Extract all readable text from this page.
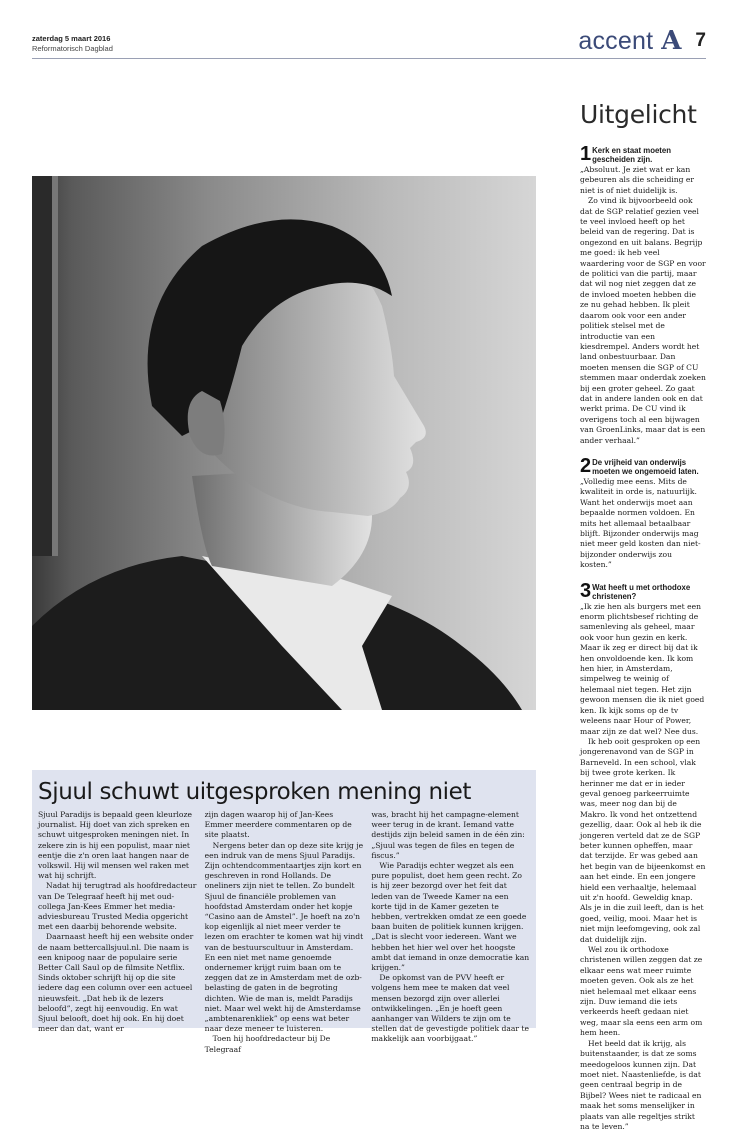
zaterdag 5 maart 2016
Reformatorisch Dagblad	accent A 7
Uitgelicht
1 Kerk en staat moeten gescheiden zijn.

„Absoluut. Je ziet wat er kan gebeuren als die scheiding er niet is of niet duidelijk is.

Zo vind ik bijvoorbeeld ook dat de SGP relatief gezien veel te veel invloed heeft op het beleid van de regering. Dat is ongezond en uit balans. Begrijp me goed: ik heb veel waardering voor de SGP en voor de politici van die partij, maar dat wil nog niet zeggen dat ze de invloed moeten hebben die ze nu gehad hebben. Ik pleit daarom ook voor een ander politiek stelsel met de introductie van een kiesdrempel. Anders wordt het land onbestuurbaar. Dan moeten mensen die SGP of CU stemmen maar onderdak zoeken bij een groter geheel. Zo gaat dat in andere landen ook en dat werkt prima. De CU vind ik overigens toch al een bijwagen van GroenLinks, maar dat is een ander verhaal.”

2 De vrijheid van onderwijs moeten we ongemoeid laten.

„Volledig mee eens. Mits de kwaliteit in orde is, natuurlijk. Want het onderwijs moet aan bepaalde normen voldoen. En mits het allemaal betaalbaar blijft. Bijzonder onderwijs mag niet meer geld kosten dan niet-bijzonder onderwijs zou kosten.”

3 Wat heeft u met orthodoxe christenen?

„Ik zie hen als burgers met een enorm plichtsbesef richting de samenleving als geheel, maar ook voor hun gezin en kerk. Maar ik zeg er direct bij dat ik hen onvoldoende ken. Ik kom hen hier, in Amsterdam, simpelweg te weinig of helemaal niet tegen. Het zijn gewoon mensen die ik niet goed ken. Ik kijk soms op de tv weleens naar Hour of Power, maar zijn ze dat wel? Nee dus.

Ik heb ooit gesproken op een jongerenavond van de SGP in Barneveld. In een school, vlak bij twee grote kerken. Ik herinner me dat er in ieder geval genoeg parkeerruimte was, meer nog dan bij de Makro. Ik vond het ontzettend gezellig, daar. Ook al heb ik die jongeren verteld dat ze de SGP beter kunnen opheffen, maar dat terzijde. Er was gebed aan het begin van de bijeenkomst en aan het einde. En een jongere hield een verhaaltje, helemaal uit z'n hoofd. Geweldig knap. Als je in die zuil leeft, dan is het goed, veilig, mooi. Maar het is niet mijn leefomgeving, ook zal dat duidelijk zijn.

Wel zou ik orthodoxe christenen willen zeggen dat ze elkaar eens wat meer ruimte moeten geven. Ook als ze het niet helemaal met elkaar eens zijn. Duw iemand die iets verkeerds heeft gedaan niet weg, maar sla eens een arm om hem heen.

Het beeld dat ik krijg, als buitenstaander, is dat ze soms meedogeloos kunnen zijn. Dat moet niet. Naastenliefde, is dat geen centraal begrip in de Bijbel? Wees niet te radicaal en maak het soms menselijker in plaats van alle regeltjes strikt na te leven.”

Sjuul schuwt uitgesproken mening niet

Sjuul Paradijs is bepaald geen kleurloze journalist. Hij doet van zich spreken en schuwt uitgesproken meningen niet. In zekere zin is hij een populist, maar niet eentje die z'n oren laat hangen naar de volkswil. Hij wil mensen wel raken met wat hij schrijft.

Nadat hij terugtrad als hoofdredacteur van De Telegraaf heeft hij met oud-collega Jan-Kees Emmer het media-adviesbureau Trusted Media opgericht met een daarbij behorende website.

Daarnaast heeft hij een website onder de naam bettercallsjuul.nl. Die naam is een knipoog naar de populaire serie Better Call Saul op de filmsite Netflix. Sinds oktober schrijft hij op die site iedere dag een column over een actueel nieuwsfeit. „Dat heb ik de lezers beloofd”, zegt hij eenvoudig. En wat Sjuul belooft, doet hij ook. En hij doet meer dan dat, want er

zijn dagen waarop hij of Jan-Kees Emmer meerdere commentaren op de site plaatst.

Nergens beter dan op deze site krijg je een indruk van de mens Sjuul Paradijs. Zijn ochtendcommentaartjes zijn kort en geschreven in rond Hollands. De oneliners zijn niet te tellen. Zo bundelt Sjuul de financiële problemen van hoofdstad Amsterdam onder het kopje “Casino aan de Amstel”. Je hoeft na zo'n kop eigenlijk al niet meer verder te lezen om erachter te komen wat hij vindt van de bestuurscultuur in Amsterdam. En een niet met name genoemde ondernemer krijgt ruim baan om te zeggen dat ze in Amsterdam met de ozb-belasting de gaten in de begroting dichten. Wie de man is, meldt Paradijs niet. Maar wel wekt hij de Amsterdamse „ambtenarenkliek” op eens wat beter naar deze meneer te luisteren.

Toen hij hoofdredacteur bij De Telegraaf

was, bracht hij het campagne-element weer terug in de krant. Iemand vatte destijds zijn beleid samen in de één zin: „Sjuul was tegen de files en tegen de fiscus.”

Wie Paradijs echter wegzet als een pure populist, doet hem geen recht. Zo is hij zeer bezorgd over het feit dat leden van de Tweede Kamer na een korte tijd in de Kamer gezeten te hebben, vertrekken omdat ze een goede baan buiten de politiek kunnen krijgen. „Dat is slecht voor iedereen. Want we hebben het hier wel over het hoogste ambt dat iemand in onze democratie kan krijgen.”

De opkomst van de PVV heeft er volgens hem mee te maken dat veel mensen bezorgd zijn over allerlei ontwikkelingen. „En je hoeft geen aanhanger van Wilders te zijn om te stellen dat de gevestigde politiek daar te makkelijk aan voorbijgaat.”
